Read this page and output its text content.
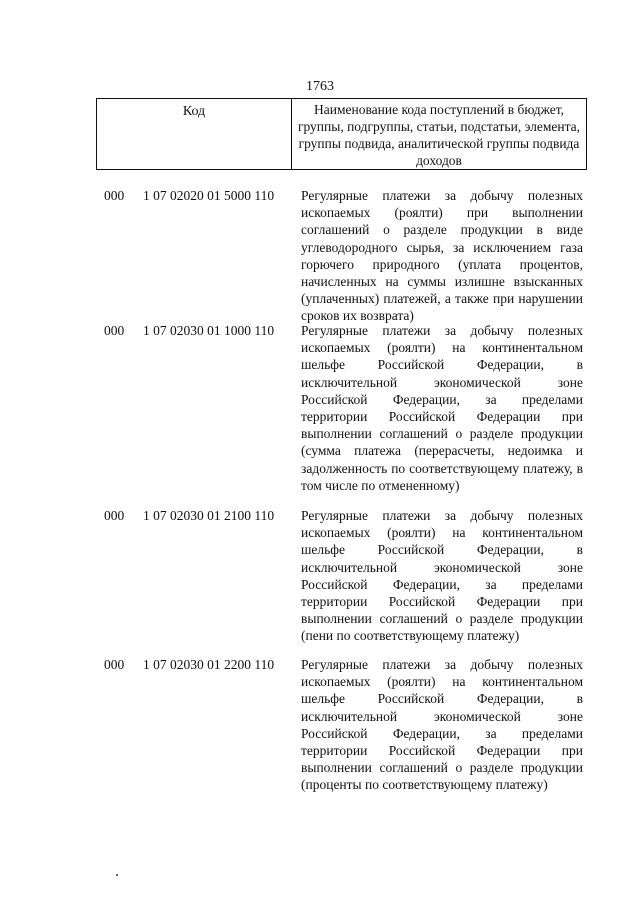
1763
Код	Наименование кода поступлений в бюджет, группы, подгруппы, статьи, подстатьи, элемента, группы подвида, аналитической группы подвида доходов
000	1 07 02020 01 5000 110	Регулярные платежи за добычу полезных ископаемых (роялти) при выполнении соглашений о разделе продукции в виде углеводородного сырья, за исключением газа горючего природного (уплата процентов, начисленных на суммы излишне взысканных (уплаченных) платежей, а также при нарушении сроков их возврата)
000	1 07 02030 01 1000 110	Регулярные платежи за добычу полезных ископаемых (роялти) на континентальном шельфе Российской Федерации, в исключительной экономической зоне Российской Федерации, за пределами территории Российской Федерации при выполнении соглашений о разделе продукции (сумма платежа (перерасчеты, недоимка и задолженность по соответствующему платежу, в том числе по отмененному)
000	1 07 02030 01 2100 110	Регулярные платежи за добычу полезных ископаемых (роялти) на континентальном шельфе Российской Федерации, в исключительной экономической зоне Российской Федерации, за пределами территории Российской Федерации при выполнении соглашений о разделе продукции (пени по соответствующему платежу)
000	1 07 02030 01 2200 110	Регулярные платежи за добычу полезных ископаемых (роялти) на континентальном шельфе Российской Федерации, в исключительной экономической зоне Российской Федерации, за пределами территории Российской Федерации при выполнении соглашений о разделе продукции (проценты по соответствующему платежу)
